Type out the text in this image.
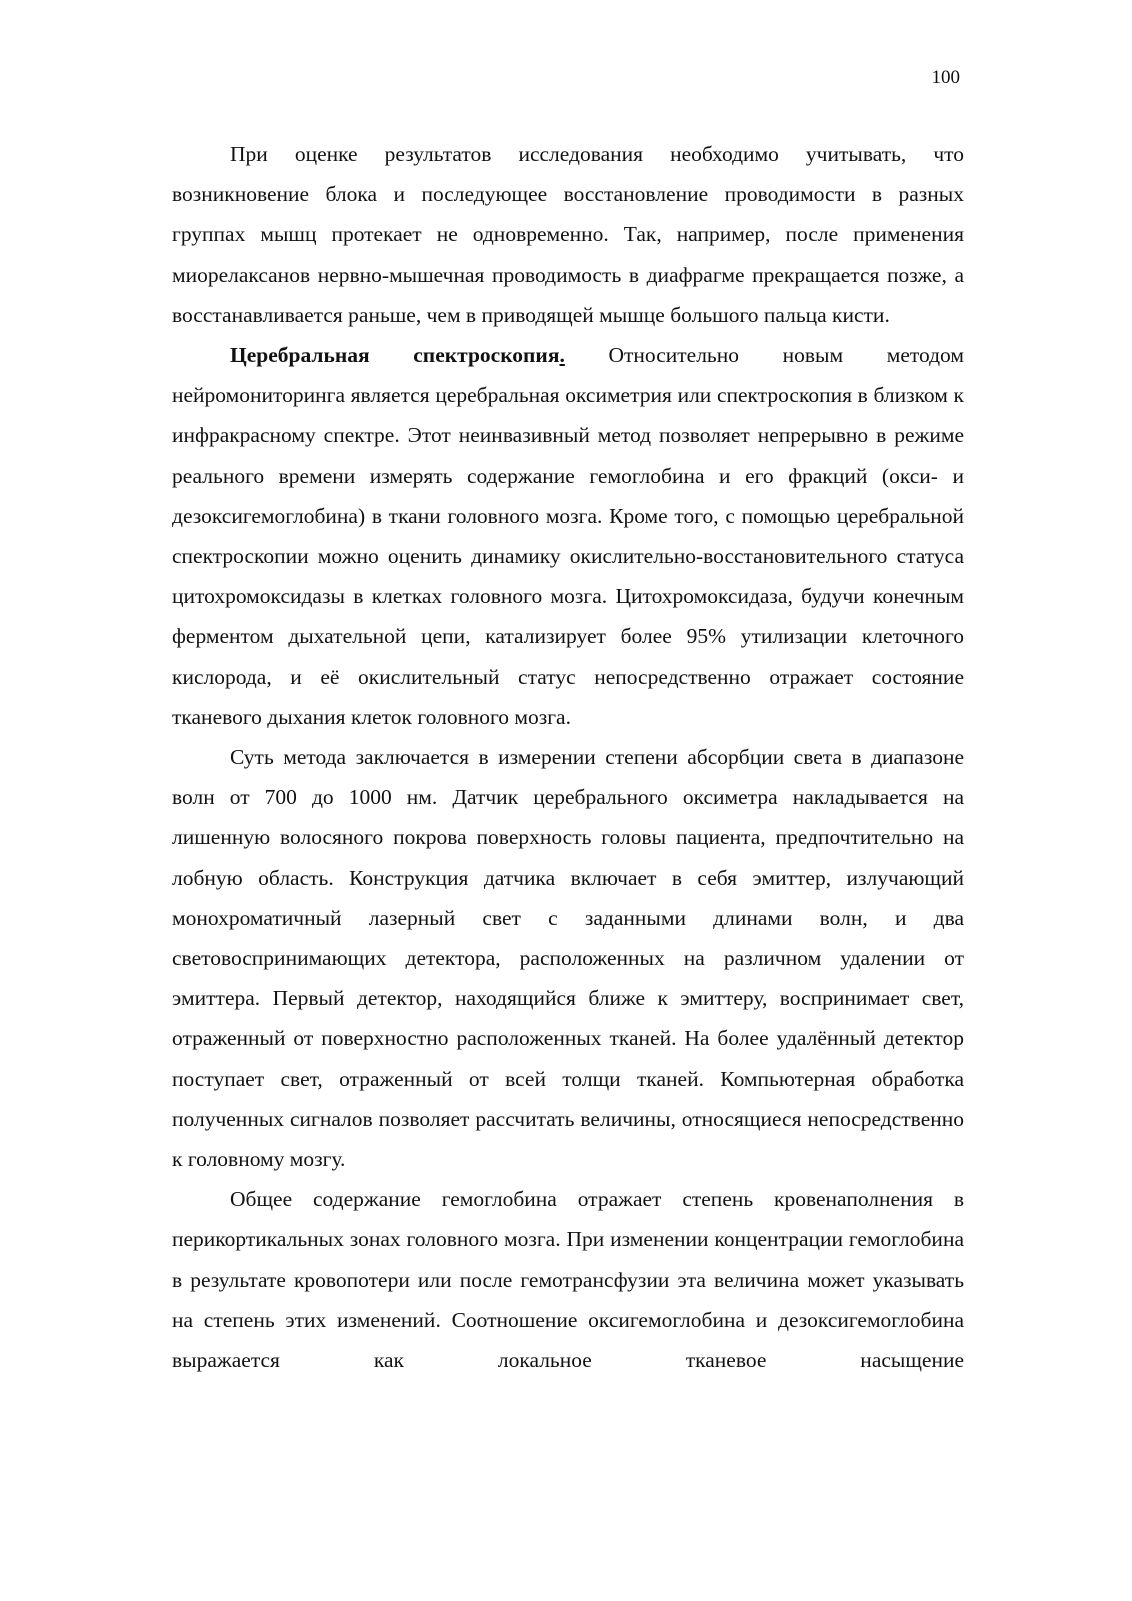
100

При оценке результатов исследования необходимо учитывать, что возникновение блока и последующее восстановление проводимости в разных группах мышц протекает не одновременно. Так, например, после применения миорелаксанов нервно-мышечная проводимость в диафрагме прекращается позже, а восстанавливается раньше, чем в приводящей мышце большого пальца кисти.

Церебральная спектроскопия. Относительно новым методом нейромониторинга является церебральная оксиметрия или спектроскопия в близком к инфракрасному спектре. Этот неинвазивный метод позволяет непрерывно в режиме реального времени измерять содержание гемоглобина и его фракций (окси- и дезоксигемоглобина) в ткани головного мозга. Кроме того, с помощью церебральной спектроскопии можно оценить динамику окислительно-восстановительного статуса цитохромоксидазы в клетках головного мозга. Цитохромоксидаза, будучи конечным ферментом дыхательной цепи, катализирует более 95% утилизации клеточного кислорода, и её окислительный статус непосредственно отражает состояние тканевого дыхания клеток головного мозга.

Суть метода заключается в измерении степени абсорбции света в диапазоне волн от 700 до 1000 нм. Датчик церебрального оксиметра накладывается на лишенную волосяного покрова поверхность головы пациента, предпочтительно на лобную область. Конструкция датчика включает в себя эмиттер, излучающий монохроматичный лазерный свет с заданными длинами волн, и два световоспринимающих детектора, расположенных на различном удалении от эмиттера. Первый детектор, находящийся ближе к эмиттеру, воспринимает свет, отраженный от поверхностно расположенных тканей. На более удалённый детектор поступает свет, отраженный от всей толщи тканей. Компьютерная обработка полученных сигналов позволяет рассчитать величины, относящиеся непосредственно к головному мозгу.

Общее содержание гемоглобина отражает степень кровенаполнения в перикортикальных зонах головного мозга. При изменении концентрации гемоглобина в результате кровопотери или после гемотрансфузии эта величина может указывать на степень этих изменений. Соотношение оксигемоглобина и дезоксигемоглобина выражается как локальное тканевое насыщение
